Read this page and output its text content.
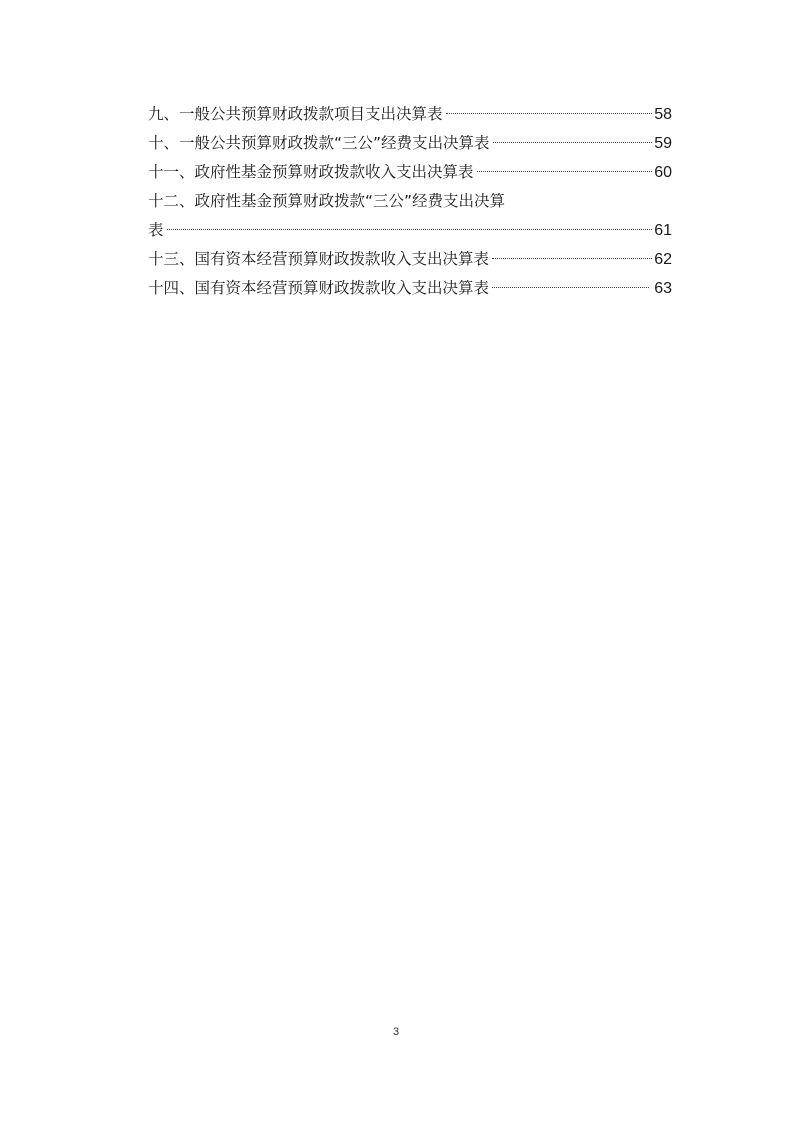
九、一般公共预算财政拨款项目支出决算表	58
十、一般公共预算财政拨款“三公”经费支出决算表	59
十一、政府性基金预算财政拨款收入支出决算表	60
十二、政府性基金预算财政拨款“三公”经费支出决算
表	61
十三、国有资本经营预算财政拨款收入支出决算表	62
十四、国有资本经营预算财政拨款收入支出决算表	63
3
